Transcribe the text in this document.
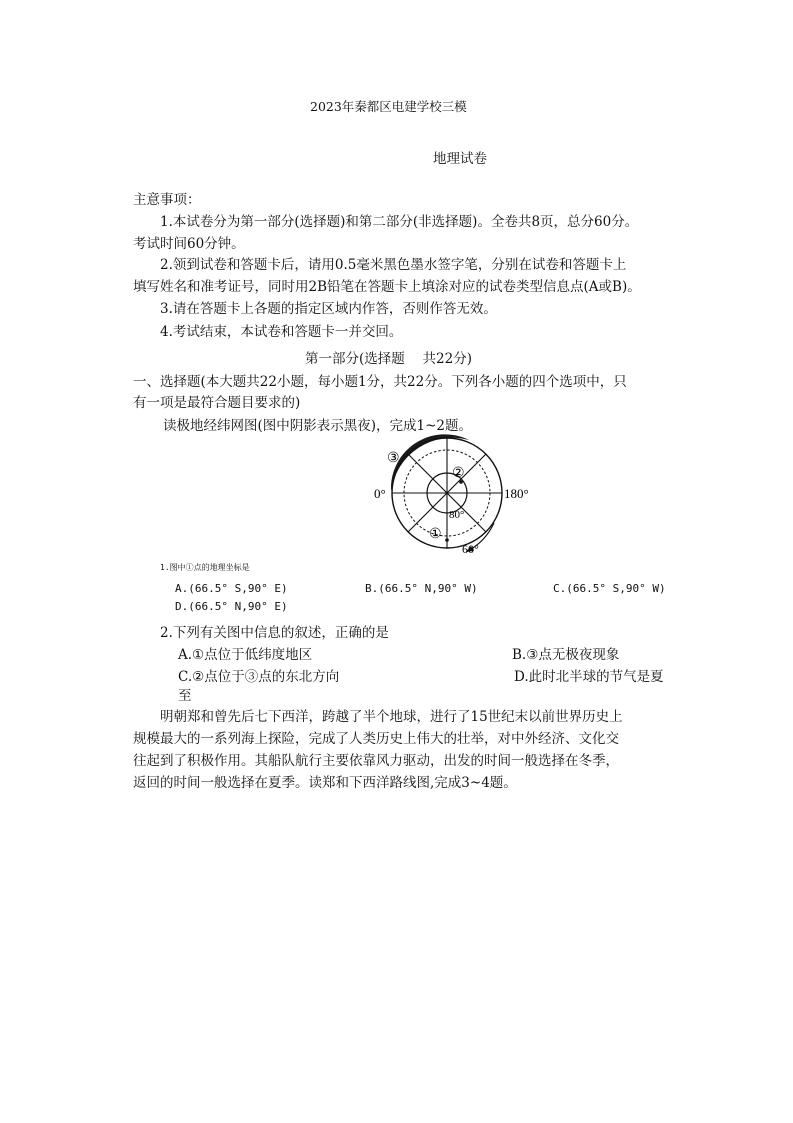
2023年秦都区电建学校三模
地理试卷
主意事项：
1.本试卷分为第一部分(选择题)和第二部分(非选择题)。全卷共8页，总分60分。
考试时间60分钟。
2.领到试卷和答题卡后，请用0.5毫米黑色墨水签字笔，分别在试卷和答题卡上
填写姓名和准考证号，同时用2B铅笔在答题卡上填涂对应的试卷类型信息点(A或B)。
3.请在答题卡上各题的指定区域内作答，否则作答无效。
4.考试结束，本试卷和答题卡一并交回。
第一部分(选择题　 共22分)
一、选择题(本大题共22小题，每小题1分，共22分。下列各小题的四个选项中，只
有一项是最符合题目要求的)
读极地经纬网图(图中阴影表示黑夜)，完成1~2题。
0°	180°
80°
60°
①
②
③
1.图中①点的地理坐标是
A.(66.5° S,90° E)	B.(66.5° N,90° W)	C.(66.5° S,90° W)
D.(66.5° N,90° E)
2.下列有关图中信息的叙述，正确的是
A.①点位于低纬度地区	B.③点无极夜现象
C.②点位于③点的东北方向	D.此时北半球的节气是夏
至
明朝郑和曾先后七下西洋，跨越了半个地球，进行了15世纪末以前世界历史上
规模最大的一系列海上探险，完成了人类历史上伟大的壮举，对中外经济、文化交
往起到了积极作用。其船队航行主要依靠风力驱动，出发的时间一般选择在冬季，
返回的时间一般选择在夏季。读郑和下西洋路线图,完成3~4题。
